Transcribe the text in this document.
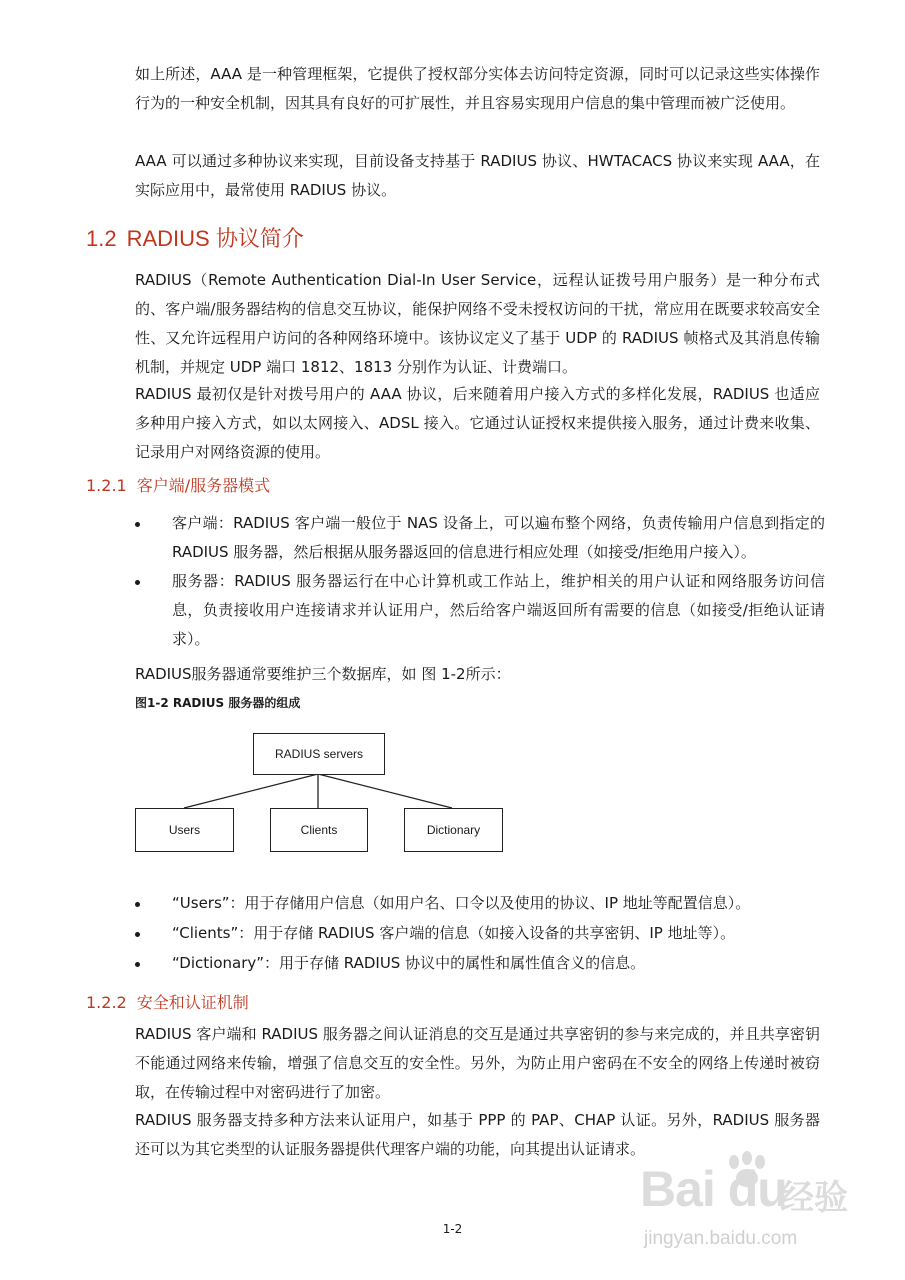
如上所述，AAA 是一种管理框架，它提供了授权部分实体去访问特定资源，同时可以记录这些实体操作行为的一种安全机制，因其具有良好的可扩展性，并且容易实现用户信息的集中管理而被广泛使用。

AAA 可以通过多种协议来实现，目前设备支持基于 RADIUS 协议、HWTACACS 协议来实现 AAA，在实际应用中，最常使用 RADIUS 协议。

1.2 RADIUS 协议简介

RADIUS（Remote Authentication Dial-In User Service，远程认证拨号用户服务）是一种分布式的、客户端/服务器结构的信息交互协议，能保护网络不受未授权访问的干扰，常应用在既要求较高安全性、又允许远程用户访问的各种网络环境中。该协议定义了基于 UDP 的 RADIUS 帧格式及其消息传输机制，并规定 UDP 端口 1812、1813 分别作为认证、计费端口。

RADIUS 最初仅是针对拨号用户的 AAA 协议，后来随着用户接入方式的多样化发展，RADIUS 也适应多种用户接入方式，如以太网接入、ADSL 接入。它通过认证授权来提供接入服务，通过计费来收集、记录用户对网络资源的使用。

1.2.1 客户端/服务器模式
客户端：RADIUS 客户端一般位于 NAS 设备上，可以遍布整个网络，负责传输用户信息到指定的 RADIUS 服务器，然后根据从服务器返回的信息进行相应处理（如接受/拒绝用户接入）。
服务器：RADIUS 服务器运行在中心计算机或工作站上，维护相关的用户认证和网络服务访问信息，负责接收用户连接请求并认证用户，然后给客户端返回所有需要的信息（如接受/拒绝认证请求）。

RADIUS服务器通常要维护三个数据库，如 图 1-2所示：

图1-2 RADIUS 服务器的组成

RADIUS servers
Users	Clients	Dictionary
“Users”：用于存储用户信息（如用户名、口令以及使用的协议、IP 地址等配置信息）。
“Clients”：用于存储 RADIUS 客户端的信息（如接入设备的共享密钥、IP 地址等）。
“Dictionary”：用于存储 RADIUS 协议中的属性和属性值含义的信息。
1.2.2 安全和认证机制

RADIUS 客户端和 RADIUS 服务器之间认证消息的交互是通过共享密钥的参与来完成的，并且共享密钥不能通过网络来传输，增强了信息交互的安全性。另外，为防止用户密码在不安全的网络上传递时被窃取，在传输过程中对密码进行了加密。

RADIUS 服务器支持多种方法来认证用户，如基于 PPP 的 PAP、CHAP 认证。另外，RADIUS 服务器还可以为其它类型的认证服务器提供代理客户端的功能，向其提出认证请求。

1-2
Bai du
经验
jingyan.baidu.com
